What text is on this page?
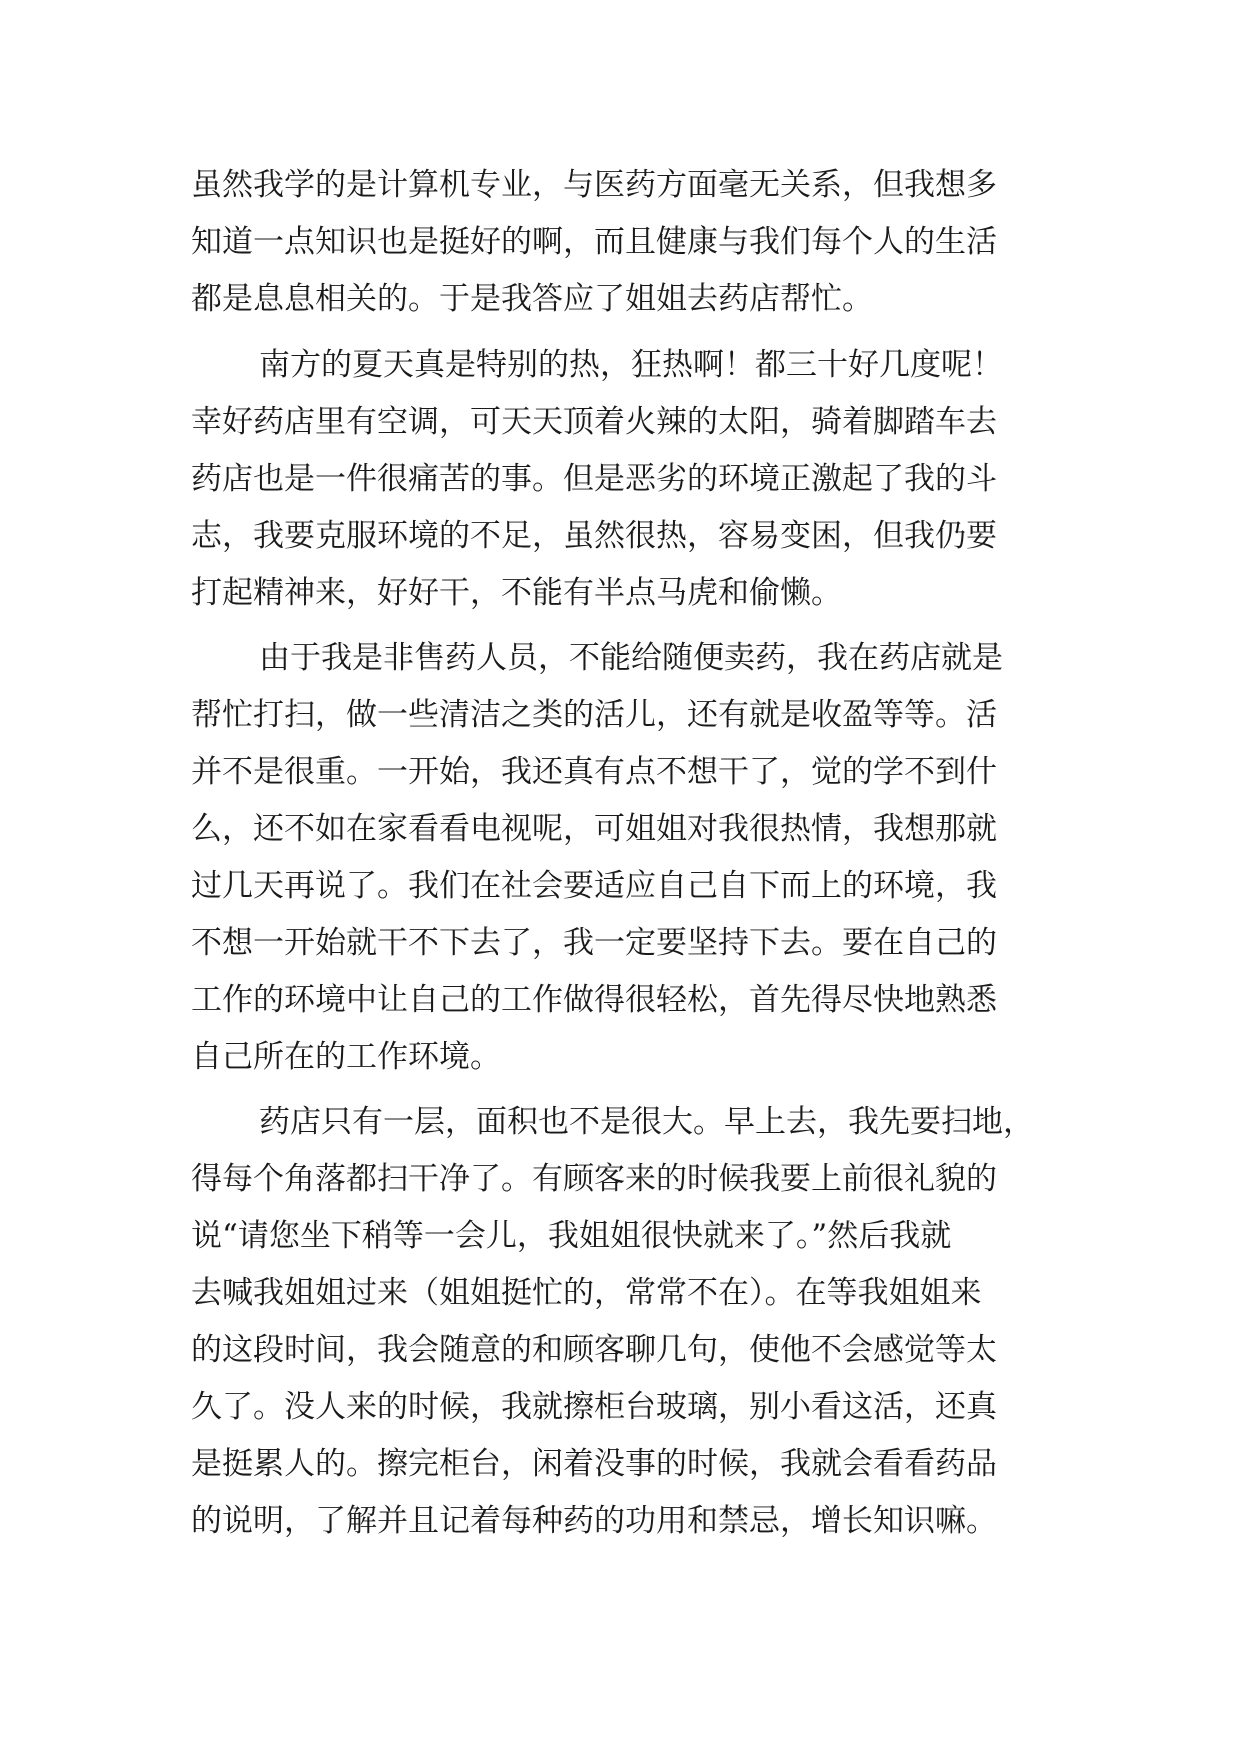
虽然我学的是计算机专业，与医药方面毫无关系，但我想多
知道一点知识也是挺好的啊，而且健康与我们每个人的生活
都是息息相关的。于是我答应了姐姐去药店帮忙。
南方的夏天真是特别的热，狂热啊！都三十好几度呢！
幸好药店里有空调，可天天顶着火辣的太阳，骑着脚踏车去
药店也是一件很痛苦的事。但是恶劣的环境正激起了我的斗
志，我要克服环境的不足，虽然很热，容易变困，但我仍要
打起精神来，好好干，不能有半点马虎和偷懒。
由于我是非售药人员，不能给随便卖药，我在药店就是
帮忙打扫，做一些清洁之类的活儿，还有就是收盈等等。活
并不是很重。一开始，我还真有点不想干了，觉的学不到什
么，还不如在家看看电视呢，可姐姐对我很热情，我想那就
过几天再说了。我们在社会要适应自己自下而上的环境，我
不想一开始就干不下去了，我一定要坚持下去。要在自己的
工作的环境中让自己的工作做得很轻松，首先得尽快地熟悉
自己所在的工作环境。
药店只有一层，面积也不是很大。早上去，我先要扫地，
得每个角落都扫干净了。有顾客来的时候我要上前很礼貌的
说“请您坐下稍等一会儿，我姐姐很快就来了。”然后我就
去喊我姐姐过来（姐姐挺忙的，常常不在）。在等我姐姐来
的这段时间，我会随意的和顾客聊几句，使他不会感觉等太
久了。没人来的时候，我就擦柜台玻璃，别小看这活，还真
是挺累人的。擦完柜台，闲着没事的时候，我就会看看药品
的说明，了解并且记着每种药的功用和禁忌，增长知识嘛。
